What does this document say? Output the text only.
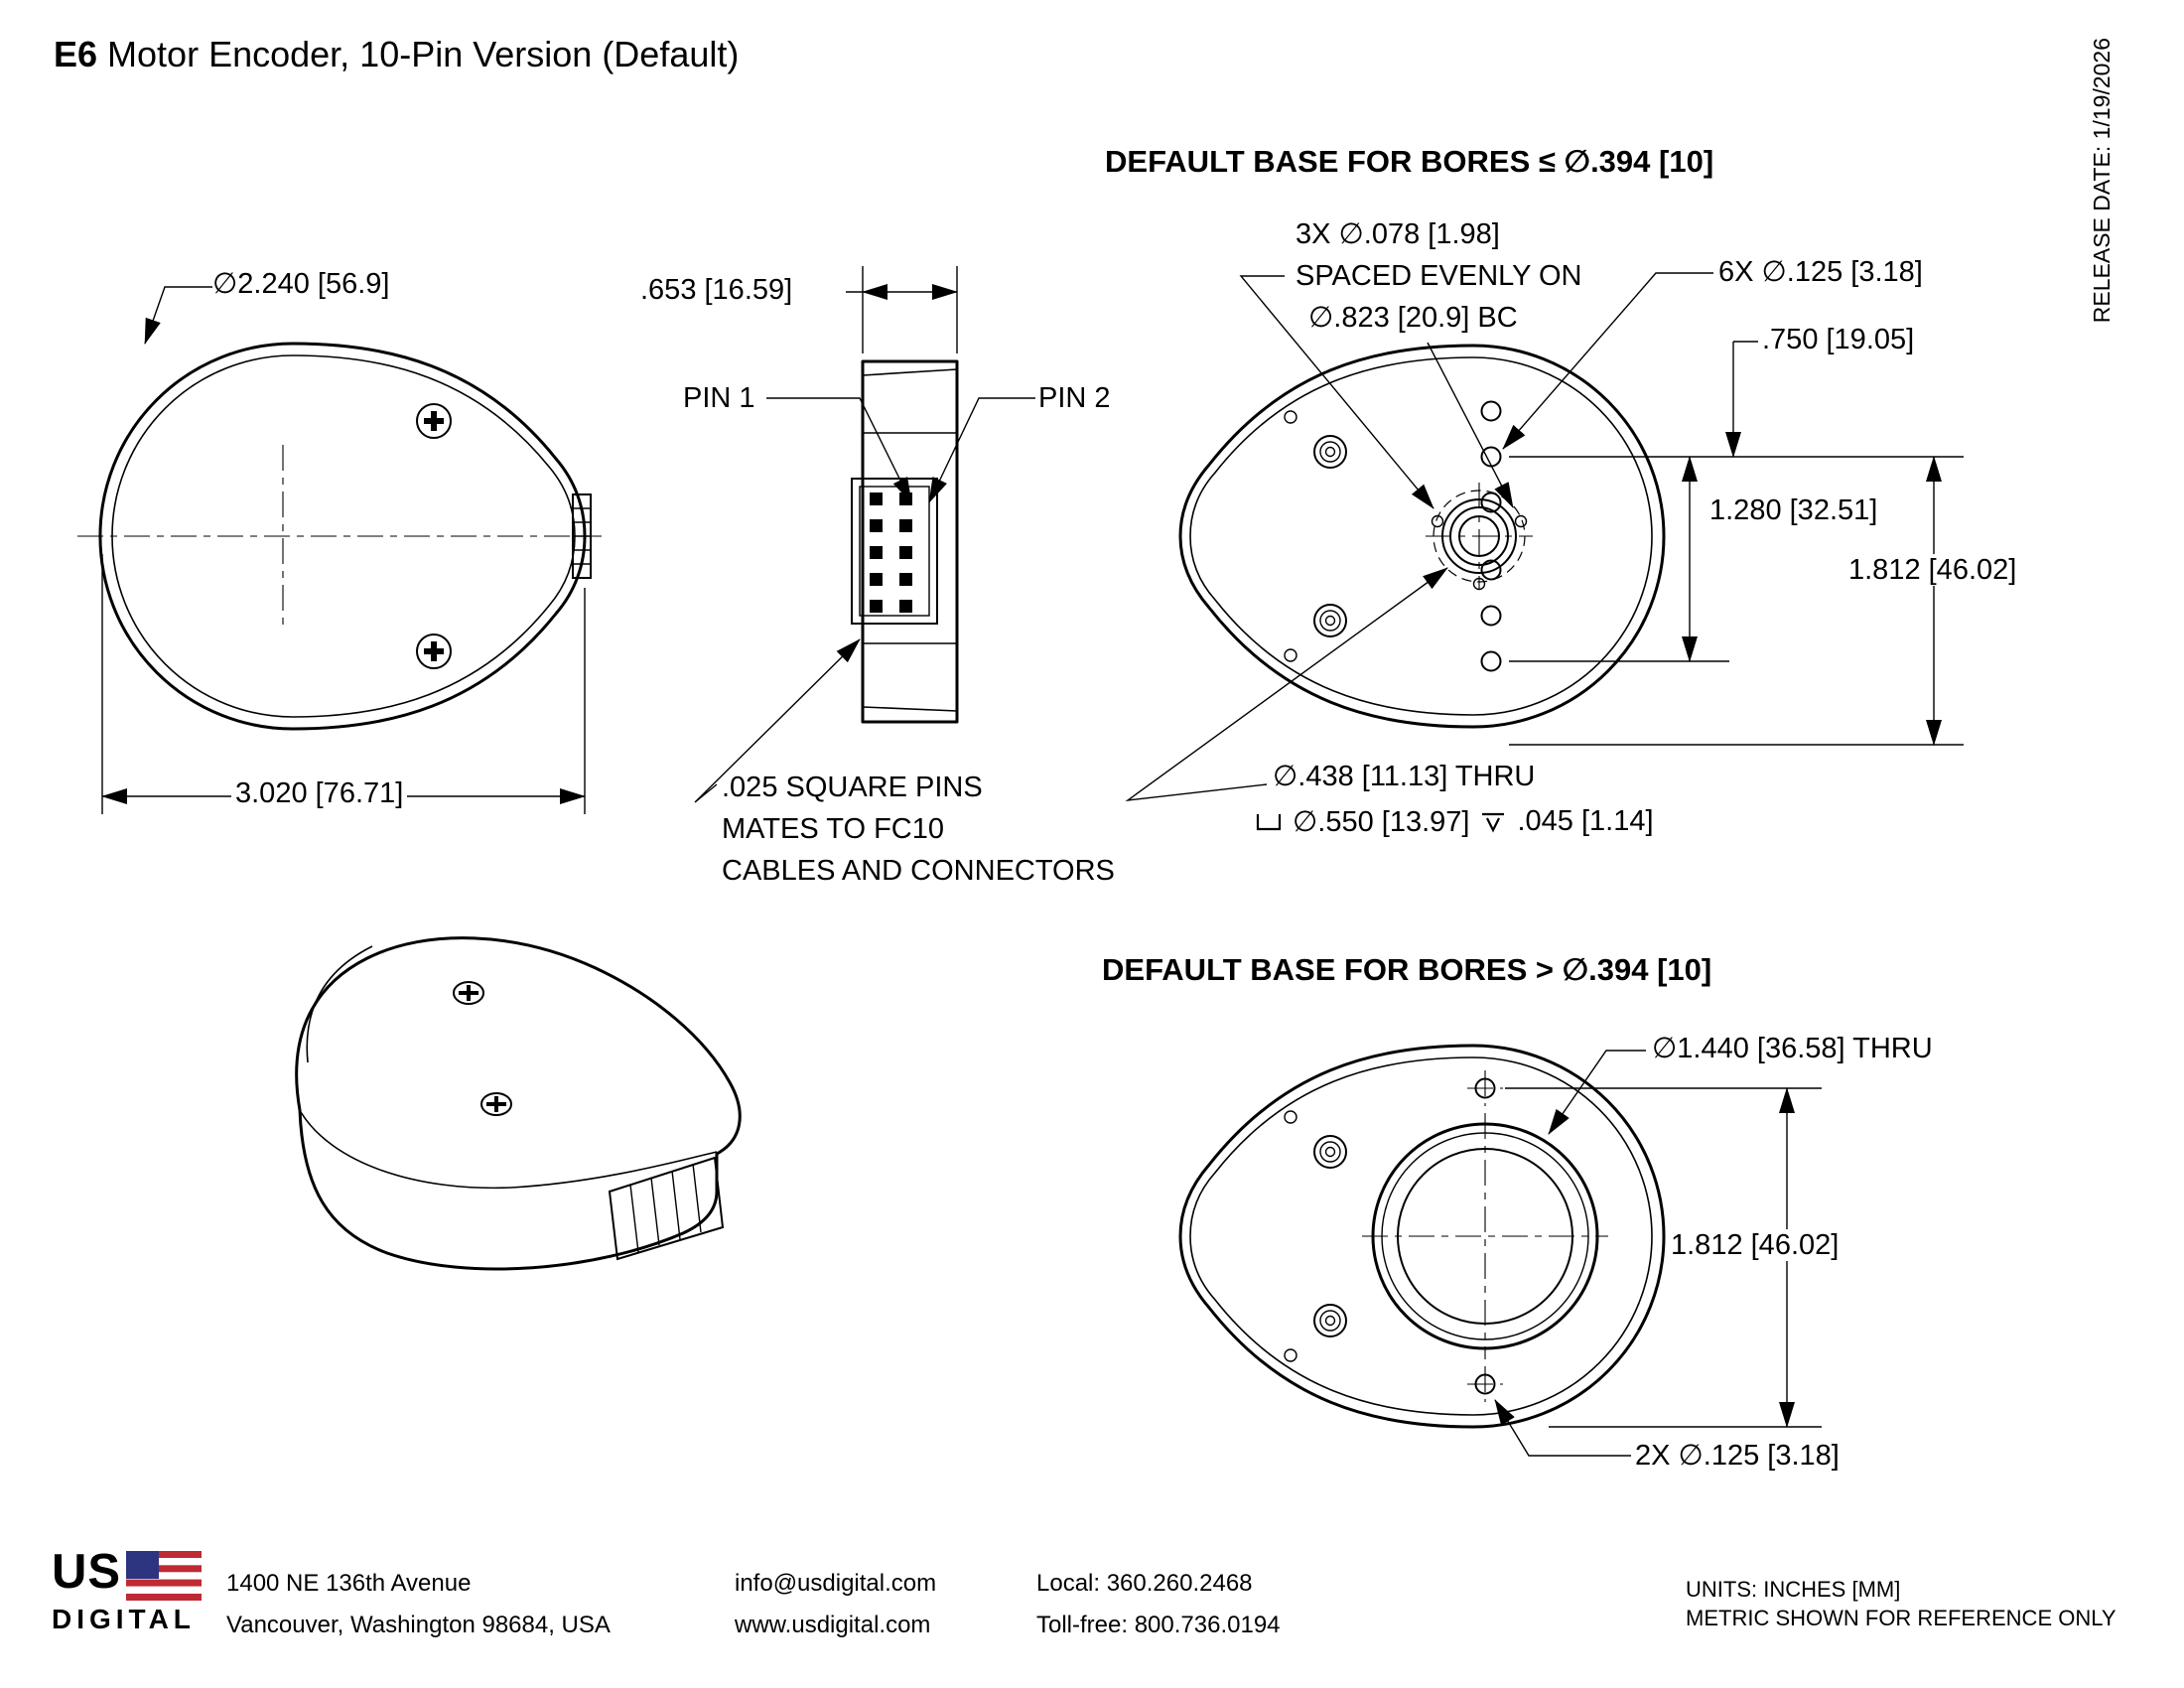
E6 Motor Encoder, 10-Pin Version (Default)	RELEASE DATE: 1/19/2026
∅2.240 [56.9]
3.020 [76.71]
.653 [16.59]
PIN 1	PIN 2
.025 SQUARE PINS
MATES TO FC10
CABLES AND CONNECTORS
DEFAULT BASE FOR BORES ≤ ∅.394 [10]
3X ∅.078 [1.98]
SPACED EVENLY ON
∅.823 [20.9] BC
6X ∅.125 [3.18]
.750 [19.05]
1.280 [32.51]
1.812 [46.02]
∅.438 [11.13] THRU
∅.550 [13.97] .045 [1.14]
DEFAULT BASE FOR BORES > ∅.394 [10]
∅1.440 [36.58] THRU
1.812 [46.02]
2X ∅.125 [3.18]
US
DIGITAL
1400 NE 136th Avenue
Vancouver, Washington 98684, USA
info@usdigital.com
www.usdigital.com
Local: 360.260.2468
Toll-free: 800.736.0194
UNITS: INCHES [MM]
METRIC SHOWN FOR REFERENCE ONLY
